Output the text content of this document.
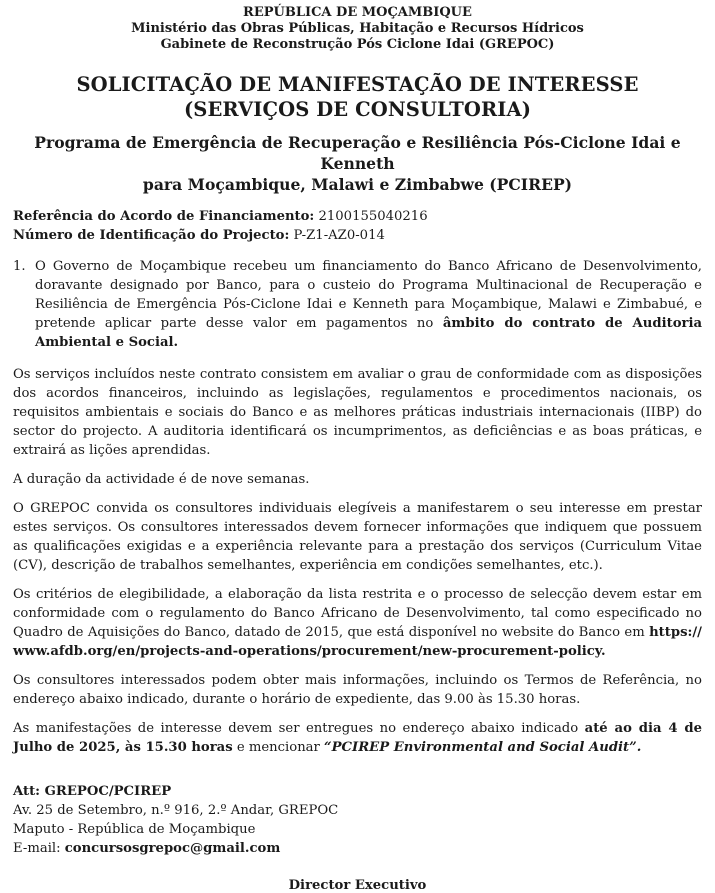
REPÚBLICA DE MOÇAMBIQUE
Ministério das Obras Públicas, Habitação e Recursos Hídricos
Gabinete de Reconstrução Pós Ciclone Idai (GREPOC)
SOLICITAÇÃO DE MANIFESTAÇÃO DE INTERESSE
(SERVIÇOS DE CONSULTORIA)
Programa de Emergência de Recuperação e Resiliência Pós-Ciclone Idai e Kenneth
para Moçambique, Malawi e Zimbabwe (PCIREP)
Referência do Acordo de Financiamento: 2100155040216
Número de Identificação do Projecto: P-Z1-AZ0-014
1. O Governo de Moçambique recebeu um financiamento do Banco Africano de Desenvolvimento, doravante designado por Banco, para o custeio do Programa Multinacional de Recuperação e Resiliência de Emergência Pós-Ciclone Idai e Kenneth para Moçambique, Malawi e Zimbabué, e pretende aplicar parte desse valor em pagamentos no âmbito do contrato de Auditoria Ambiental e Social.

Os serviços incluídos neste contrato consistem em avaliar o grau de conformidade com as disposições dos acordos financeiros, incluindo as legislações, regulamentos e procedimentos nacionais, os requisitos ambientais e sociais do Banco e as melhores práticas industriais internacionais (IIBP) do sector do projecto. A auditoria identificará os incumprimentos, as deficiências e as boas práticas, e extrairá as lições aprendidas.

A duração da actividade é de nove semanas.

O GREPOC convida os consultores individuais elegíveis a manifestarem o seu interesse em prestar estes serviços. Os consultores interessados devem fornecer informações que indiquem que possuem as qualificações exigidas e a experiência relevante para a prestação dos serviços (Curriculum Vitae (CV), descrição de trabalhos semelhantes, experiência em condições semelhantes, etc.).

Os critérios de elegibilidade, a elaboração da lista restrita e o processo de selecção devem estar em conformidade com o regulamento do Banco Africano de Desenvolvimento, tal como especificado no Quadro de Aquisições do Banco, datado de 2015, que está disponível no website do Banco em https:// www.afdb.org/en/projects-and-operations/procurement/new-procurement-policy.

Os consultores interessados podem obter mais informações, incluindo os Termos de Referência, no endereço abaixo indicado, durante o horário de expediente, das 9.00 às 15.30 horas.

As manifestações de interesse devem ser entregues no endereço abaixo indicado até ao dia 4 de Julho de 2025, às 15.30 horas e mencionar “PCIREP Environmental and Social Audit”.

Att: GREPOC/PCIREP
Av. 25 de Setembro, n.º 916, 2.º Andar, GREPOC
Maputo - República de Moçambique
E-mail: concursosgrepoc@gmail.com
Director Executivo
